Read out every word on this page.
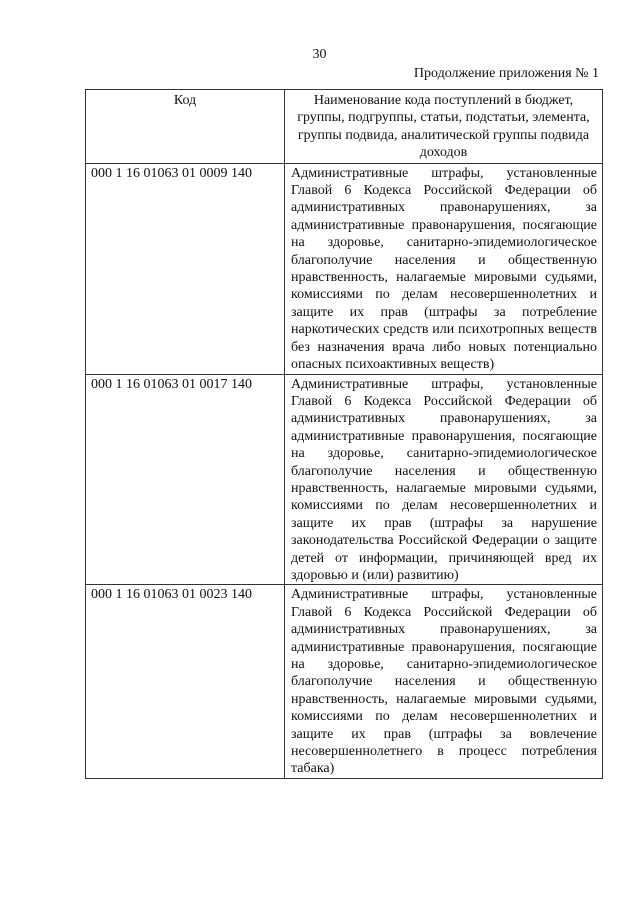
30
Продолжение приложения № 1
Код	Наименование кода поступлений в бюджет, группы, подгруппы, статьи, подстатьи, элемента, группы подвида, аналитической группы подвида доходов
000 1 16 01063 01 0009 140	Административные штрафы, установленные Главой 6 Кодекса Российской Федерации об административных правонарушениях, за административные правонарушения, посягающие на здоровье, санитарно-эпидемиологическое благополучие населения и общественную нравственность, налагаемые мировыми судьями, комиссиями по делам несовершеннолетних и защите их прав (штрафы за потребление наркотических средств или психотропных веществ без назначения врача либо новых потенциально опасных психоактивных веществ)
000 1 16 01063 01 0017 140	Административные штрафы, установленные Главой 6 Кодекса Российской Федерации об административных правонарушениях, за административные правонарушения, посягающие на здоровье, санитарно-эпидемиологическое благополучие населения и общественную нравственность, налагаемые мировыми судьями, комиссиями по делам несовершеннолетних и защите их прав (штрафы за нарушение законодательства Российской Федерации о защите детей от информации, причиняющей вред их здоровью и (или) развитию)
000 1 16 01063 01 0023 140	Административные штрафы, установленные Главой 6 Кодекса Российской Федерации об административных правонарушениях, за административные правонарушения, посягающие на здоровье, санитарно-эпидемиологическое благополучие населения и общественную нравственность, налагаемые мировыми судьями, комиссиями по делам несовершеннолетних и защите их прав (штрафы за вовлечение несовершеннолетнего в процесс потребления табака)
